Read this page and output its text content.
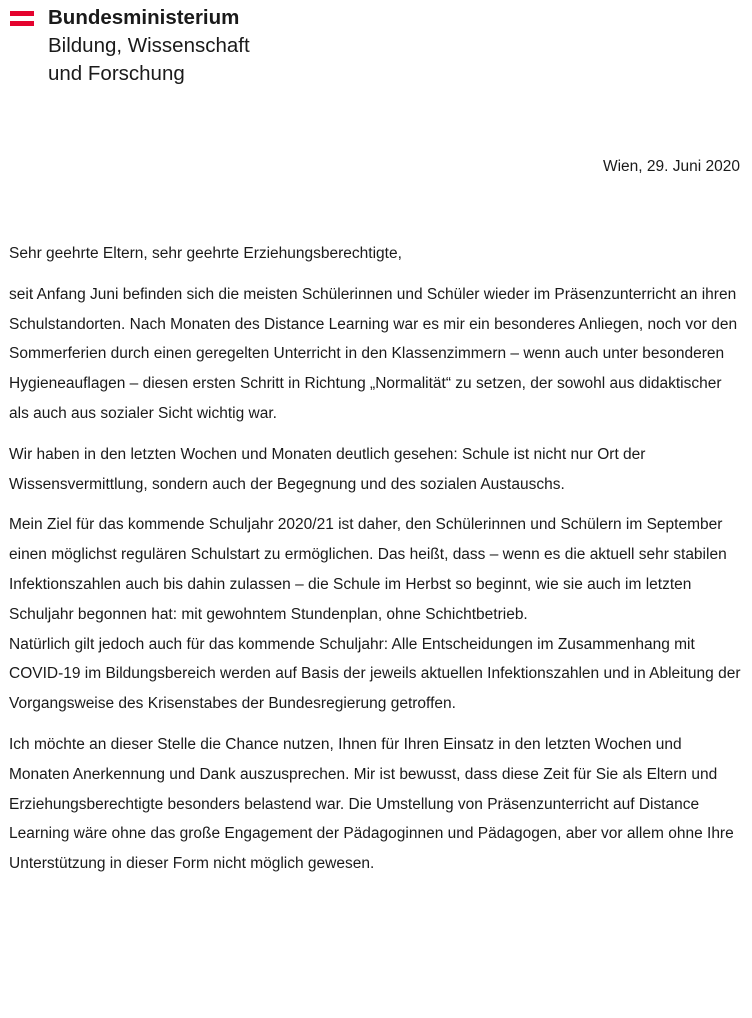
Bundesministerium
Bildung, Wissenschaft
und Forschung
Wien, 29. Juni 2020

Sehr geehrte Eltern, sehr geehrte Erziehungsberechtigte,

seit Anfang Juni befinden sich die meisten Schülerinnen und Schüler wieder im Präsenzunterricht an ihren Schulstandorten. Nach Monaten des Distance Learning war es mir ein besonderes Anliegen, noch vor den Sommerferien durch einen geregelten Unterricht in den Klassenzimmern – wenn auch unter besonderen Hygieneauflagen – diesen ersten Schritt in Richtung „Normalität“ zu setzen, der sowohl aus didaktischer als auch aus sozialer Sicht wichtig war.

Wir haben in den letzten Wochen und Monaten deutlich gesehen: Schule ist nicht nur Ort der Wissensvermittlung, sondern auch der Begegnung und des sozialen Austauschs.

Mein Ziel für das kommende Schuljahr 2020/21 ist daher, den Schülerinnen und Schülern im September einen möglichst regulären Schulstart zu ermöglichen. Das heißt, dass – wenn es die aktuell sehr stabilen Infektionszahlen auch bis dahin zulassen – die Schule im Herbst so beginnt, wie sie auch im letzten Schuljahr begonnen hat: mit gewohntem Stundenplan, ohne Schichtbetrieb.

Natürlich gilt jedoch auch für das kommende Schuljahr: Alle Entscheidungen im Zusammenhang mit COVID-19 im Bildungsbereich werden auf Basis der jeweils aktuellen Infektionszahlen und in Ableitung der Vorgangsweise des Krisenstabes der Bundesregierung getroffen.

Ich möchte an dieser Stelle die Chance nutzen, Ihnen für Ihren Einsatz in den letzten Wochen und Monaten Anerkennung und Dank auszusprechen. Mir ist bewusst, dass diese Zeit für Sie als Eltern und Erziehungsberechtigte besonders belastend war. Die Umstellung von Präsenzunterricht auf Distance Learning wäre ohne das große Engagement der Pädagoginnen und Pädagogen, aber vor allem ohne Ihre Unterstützung in dieser Form nicht möglich gewesen.
